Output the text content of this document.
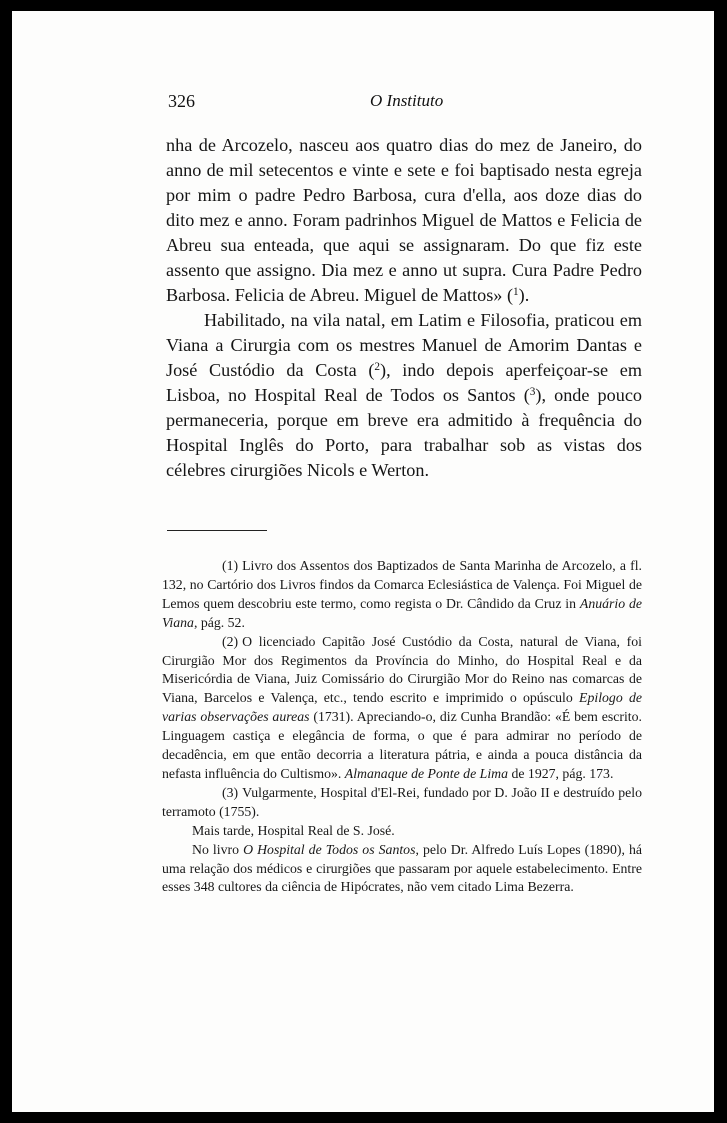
326	O Instituto

nha de Arcozelo, nasceu aos quatro dias do mez de Janeiro, do anno de mil setecentos e vinte e sete e foi baptisado nesta egreja por mim o padre Pedro Barbosa, cura d'ella, aos doze dias do dito mez e anno. Foram padrinhos Miguel de Mattos e Felicia de Abreu sua enteada, que aqui se assignaram. Do que fiz este assento que assigno. Dia mez e anno ut supra. Cura Padre Pedro Barbosa. Felicia de Abreu. Miguel de Mattos» ($^1$).

Habilitado, na vila natal, em Latim e Filosofia, praticou em Viana a Cirurgia com os mestres Manuel de Amorim Dantas e José Custódio da Costa ($^2$), indo depois aperfeiçoar-se em Lisboa, no Hospital Real de Todos os Santos ($^3$), onde pouco permaneceria, porque em breve era admitido à frequência do Hospital Inglês do Porto, para trabalhar sob as vistas dos célebres cirurgiões Nicols e Werton.

(1) Livro dos Assentos dos Baptizados de Santa Marinha de Arcozelo, a fl. 132, no Cartório dos Livros findos da Comarca Eclesiástica de Valença. Foi Miguel de Lemos quem descobriu este termo, como regista o Dr. Cândido da Cruz in Anuário de Viana, pág. 52.

(2) O licenciado Capitão José Custódio da Costa, natural de Viana, foi Cirurgião Mor dos Regimentos da Província do Minho, do Hospital Real e da Misericórdia de Viana, Juiz Comissário do Cirurgião Mor do Reino nas comarcas de Viana, Barcelos e Valença, etc., tendo escrito e imprimido o opúsculo Epilogo de varias observações aureas (1731). Apreciando-o, diz Cunha Brandão: «É bem escrito. Linguagem castiça e elegância de forma, o que é para admirar no período de decadência, em que então decorria a literatura pátria, e ainda a pouca distância da nefasta influência do Cultismo». Almanaque de Ponte de Lima de 1927, pág. 173.

(3) Vulgarmente, Hospital d'El-Rei, fundado por D. João II e destruído pelo terramoto (1755).

Mais tarde, Hospital Real de S. José.

No livro O Hospital de Todos os Santos, pelo Dr. Alfredo Luís Lopes (1890), há uma relação dos médicos e cirurgiões que passaram por aquele estabelecimento. Entre esses 348 cultores da ciência de Hipócrates, não vem citado Lima Bezerra.
